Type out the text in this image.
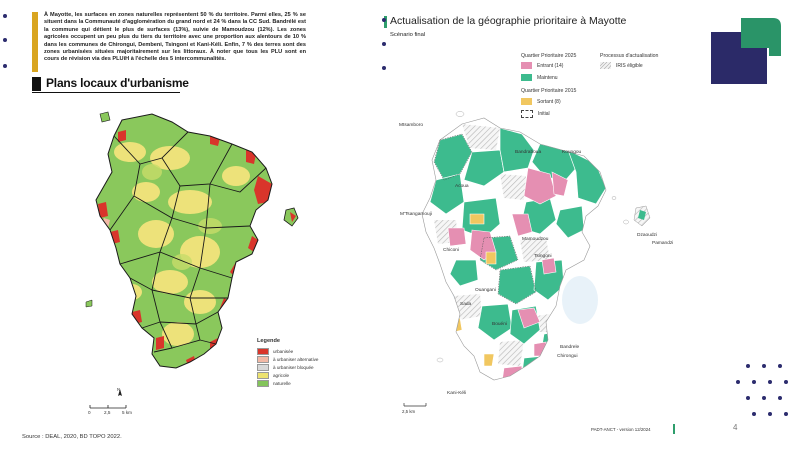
À Mayotte, les surfaces en zones naturelles représentent 50 % du territoire. Parmi elles, 25 % se situent dans la Communauté d'agglomération du grand nord et 24 % dans la CC Sud. Bandrélé est la commune qui détient le plus de surfaces (13%), suivie de Mamoudzou (12%). Les zones agricoles occupent un peu plus du tiers du territoire avec une proportion aux alentours de 10 % dans les communes de Chirongui, Dembeni, Tsingoni et Kani-Kéli. Enfin, 7 % des terres sont des zones urbanisées situées majoritairement sur les littoraux. À noter que tous les PLU sont en cours de révision via des PLUiH à l'échelle des 5 intercommunalités.
Plans locaux d'urbanisme
Legende
urbanisée
à urbaniser alternative
à urbaniser bloquée
agricole
naturelle
N
0	2,5	5 km
Source : DEAL, 2020, BD TOPO 2022.
Actualisation de la géographie prioritaire à Mayotte
Scénario final
Quartier Prioritaire 2025
Entrant (14)
Maintenu
Quartier Prioritaire 2015
Sortant (8)
Initial
Processus d'actualisation
IRIS éligible
Mtsamboro
Bandraboua	Koungou
Acoua
M'Tsangamouji
Dzaoudzi
Pamandzi
Mamoudzou
Chiconi
Tsingoni
Ouangani
Sada
Bouéni
Bandrele
Chirongui
Kani-Kéli
2,5 km
PADT-ANCT - version 12/2024	4
